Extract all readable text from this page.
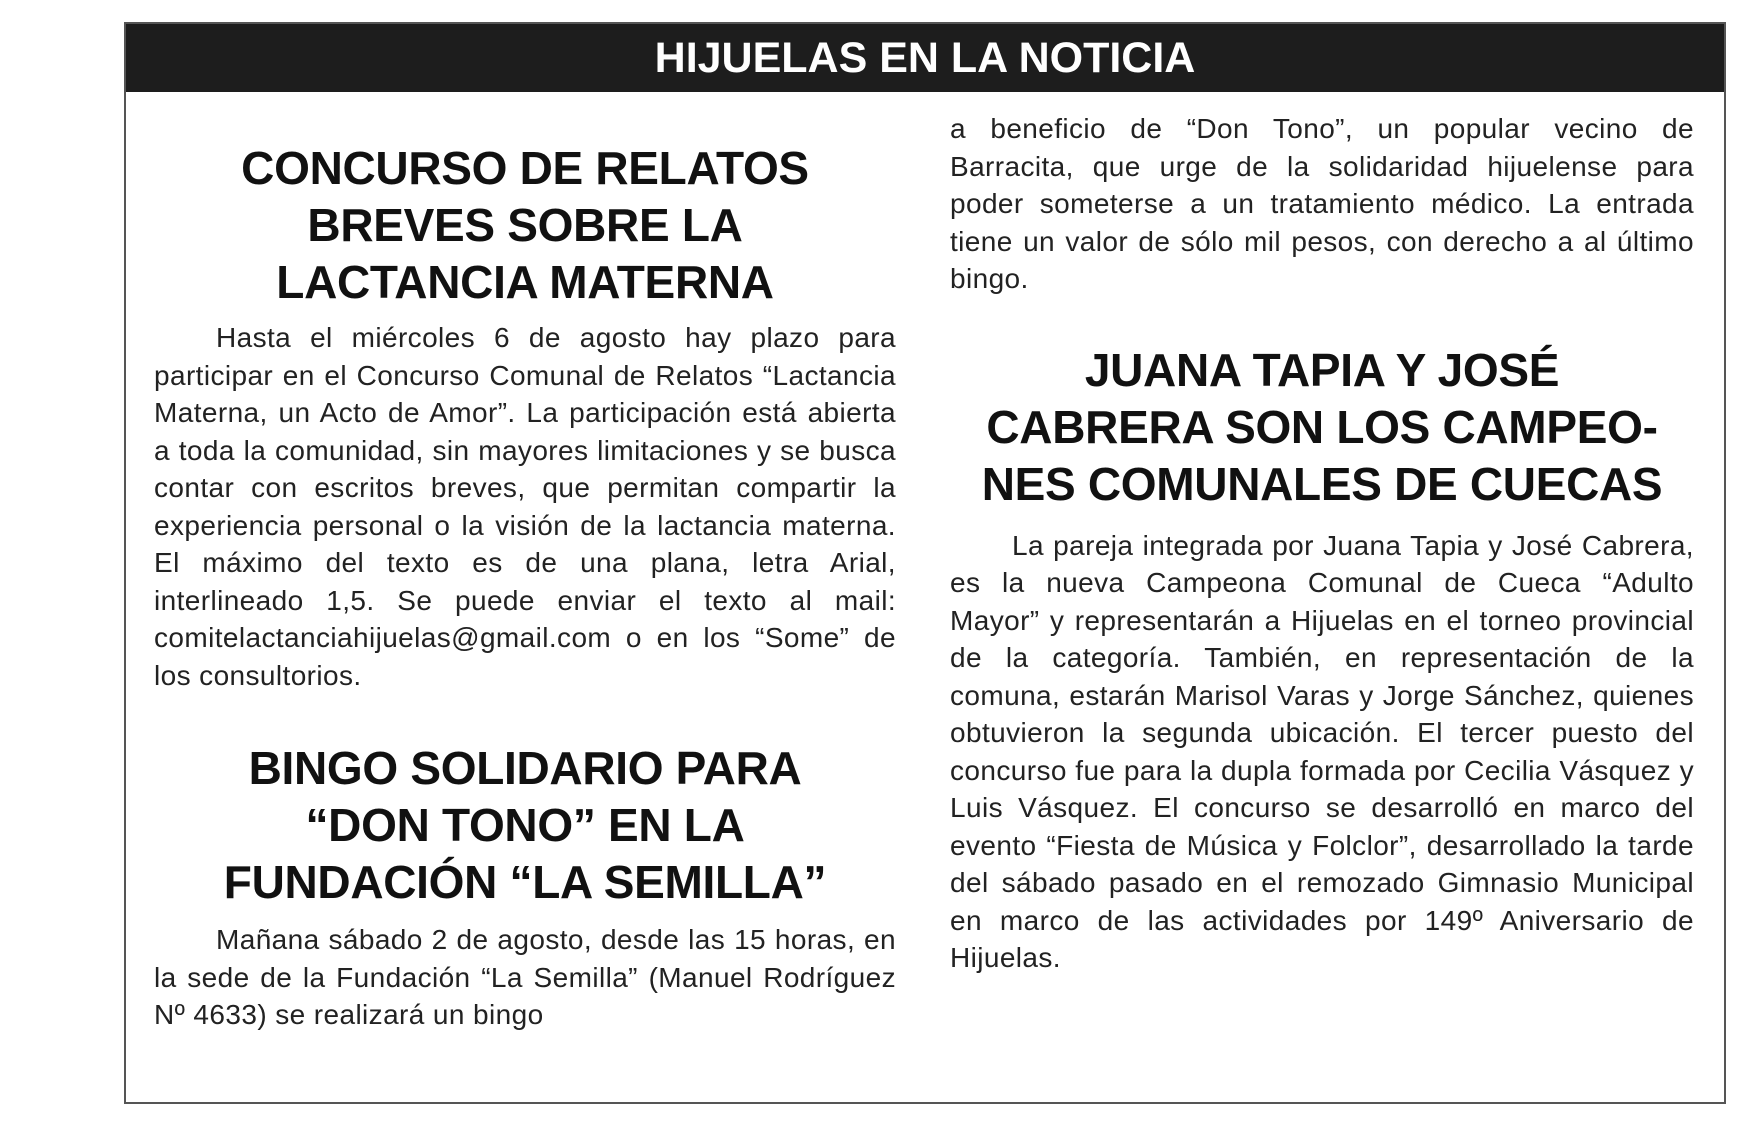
HIJUELAS EN LA NOTICIA
CONCURSO DE RELATOS
BREVES SOBRE LA
LACTANCIA MATERNA

Hasta el miércoles 6 de agosto hay plazo para participar en el Concurso Comunal de Relatos “Lactancia Materna, un Acto de Amor”. La participación está abierta a toda la comunidad, sin mayores limitaciones y se busca contar con escritos breves, que permitan compartir la experiencia personal o la visión de la lactancia materna. El máximo del texto es de una plana, letra Arial, interlineado 1,5. Se puede enviar el texto al mail: comitelactanciahijuelas@gmail.com o en los “Some” de los consultorios.

BINGO SOLIDARIO PARA
“DON TONO” EN LA
FUNDACIÓN “LA SEMILLA”

Mañana sábado 2 de agosto, desde las 15 horas, en la sede de la Fundación “La Semilla” (Manuel Rodríguez Nº 4633) se realizará un bingo

a beneficio de “Don Tono”, un popular vecino de Barracita, que urge de la solidaridad hijuelense para poder someterse a un tratamiento médico. La entrada tiene un valor de sólo mil pesos, con derecho a al último bingo.

JUANA TAPIA Y JOSÉ
CABRERA SON LOS CAMPEO-
NES COMUNALES DE CUECAS

La pareja integrada por Juana Tapia y José Cabrera, es la nueva Campeona Comunal de Cueca “Adulto Mayor” y representarán a Hijuelas en el torneo provincial de la categoría. También, en representación de la comuna, estarán Marisol Varas y Jorge Sánchez, quienes obtuvieron la segunda ubicación. El tercer puesto del concurso fue para la dupla formada por Cecilia Vásquez y Luis Vásquez. El concurso se desarrolló en marco del evento “Fiesta de Música y Folclor”, desarrollado la tarde del sábado pasado en el remozado Gimnasio Municipal en marco de las actividades por 149º Aniversario de Hijuelas.
